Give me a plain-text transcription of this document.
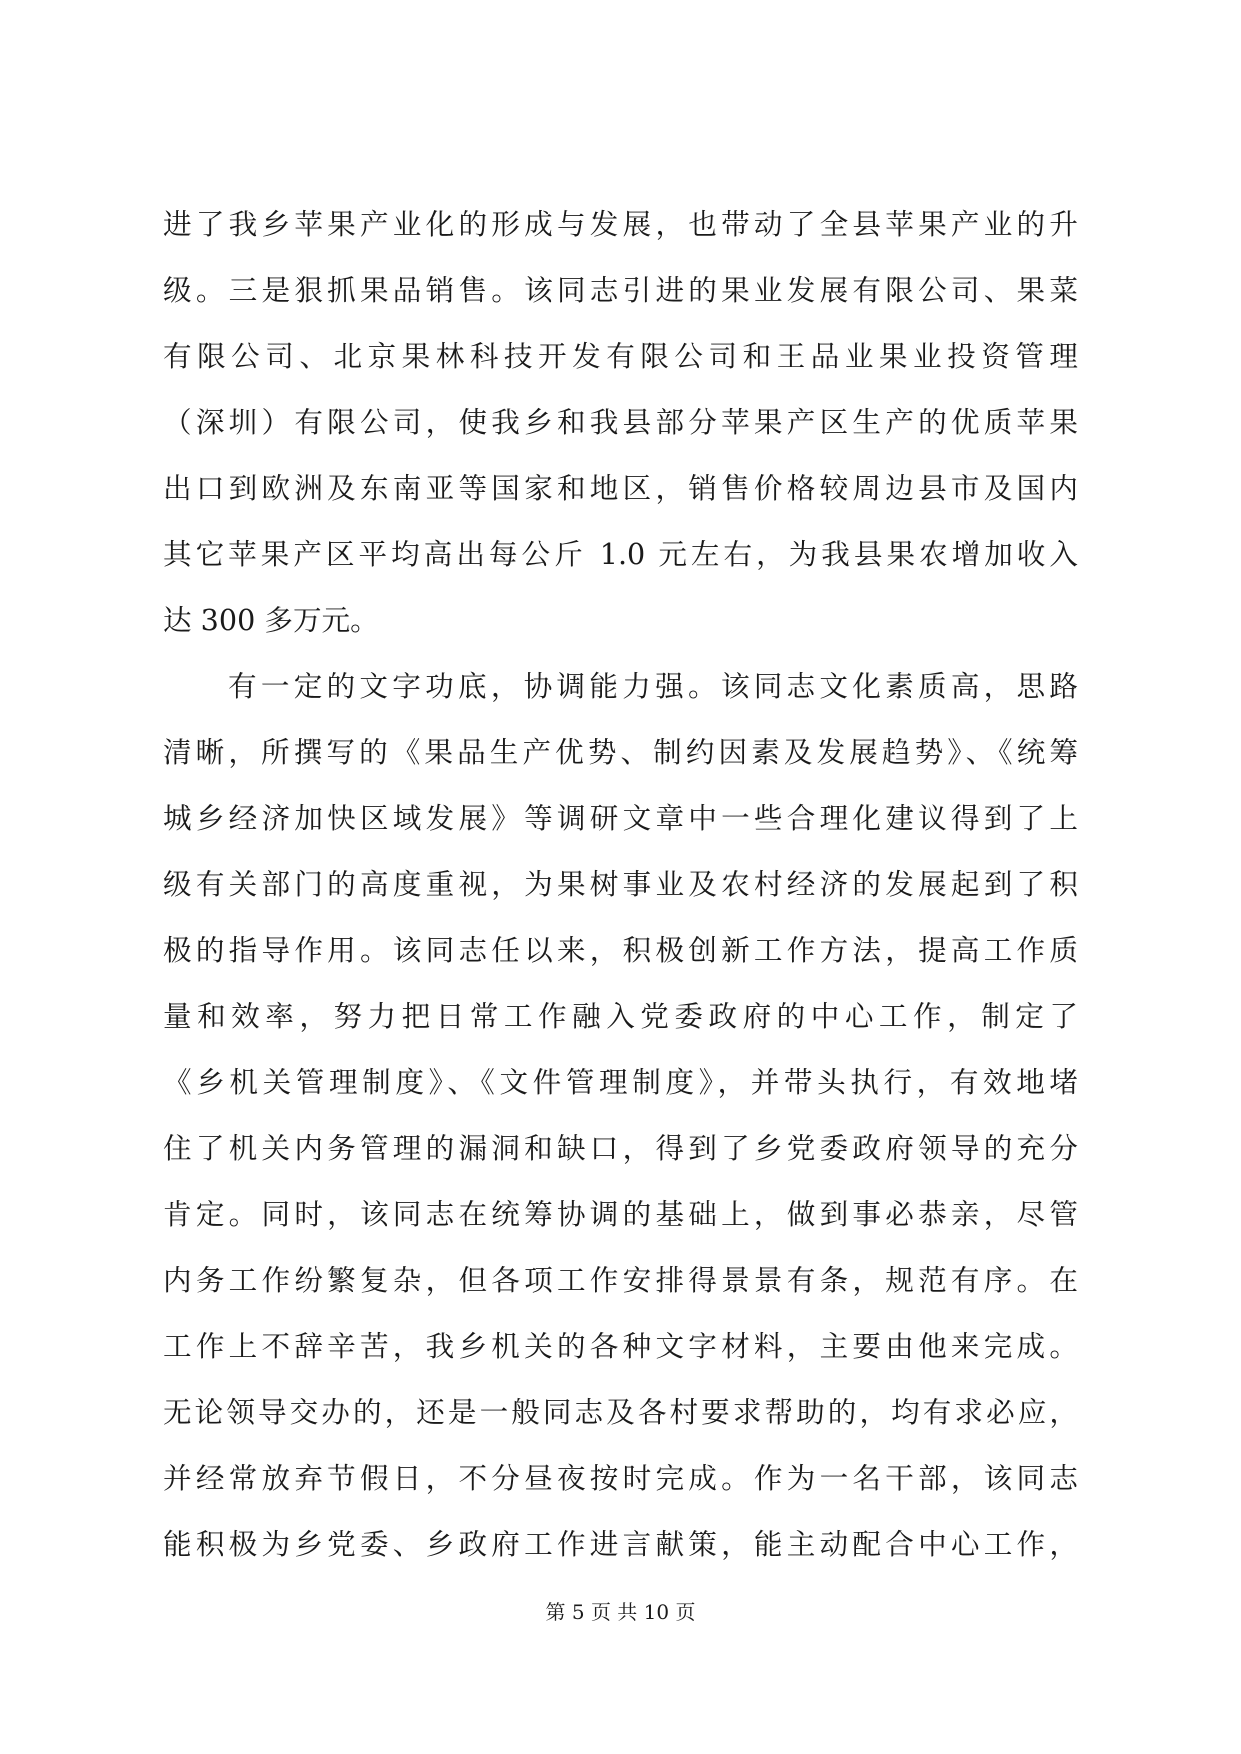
进了我乡苹果产业化的形成与发展，也带动了全县苹果产业的升
级。三是狠抓果品销售。该同志引进的果业发展有限公司、果菜
有限公司、北京果林科技开发有限公司和王品业果业投资管理
（深圳）有限公司，使我乡和我县部分苹果产区生产的优质苹果
出口到欧洲及东南亚等国家和地区，销售价格较周边县市及国内
其它苹果产区平均高出每公斤 1.0 元左右，为我县果农增加收入
达 300 多万元。
有一定的文字功底，协调能力强。该同志文化素质高，思路
清晰，所撰写的《果品生产优势、制约因素及发展趋势》、《统筹
城乡经济加快区域发展》等调研文章中一些合理化建议得到了上
级有关部门的高度重视，为果树事业及农村经济的发展起到了积
极的指导作用。该同志任以来，积极创新工作方法，提高工作质
量和效率，努力把日常工作融入党委政府的中心工作，制定了
《乡机关管理制度》、《文件管理制度》，并带头执行，有效地堵
住了机关内务管理的漏洞和缺口，得到了乡党委政府领导的充分
肯定。同时，该同志在统筹协调的基础上，做到事必恭亲，尽管
内务工作纷繁复杂，但各项工作安排得景景有条，规范有序。在
工作上不辞辛苦，我乡机关的各种文字材料，主要由他来完成。
无论领导交办的，还是一般同志及各村要求帮助的，均有求必应，
并经常放弃节假日，不分昼夜按时完成。作为一名干部，该同志
能积极为乡党委、乡政府工作进言献策，能主动配合中心工作，
第 5 页 共 10 页
